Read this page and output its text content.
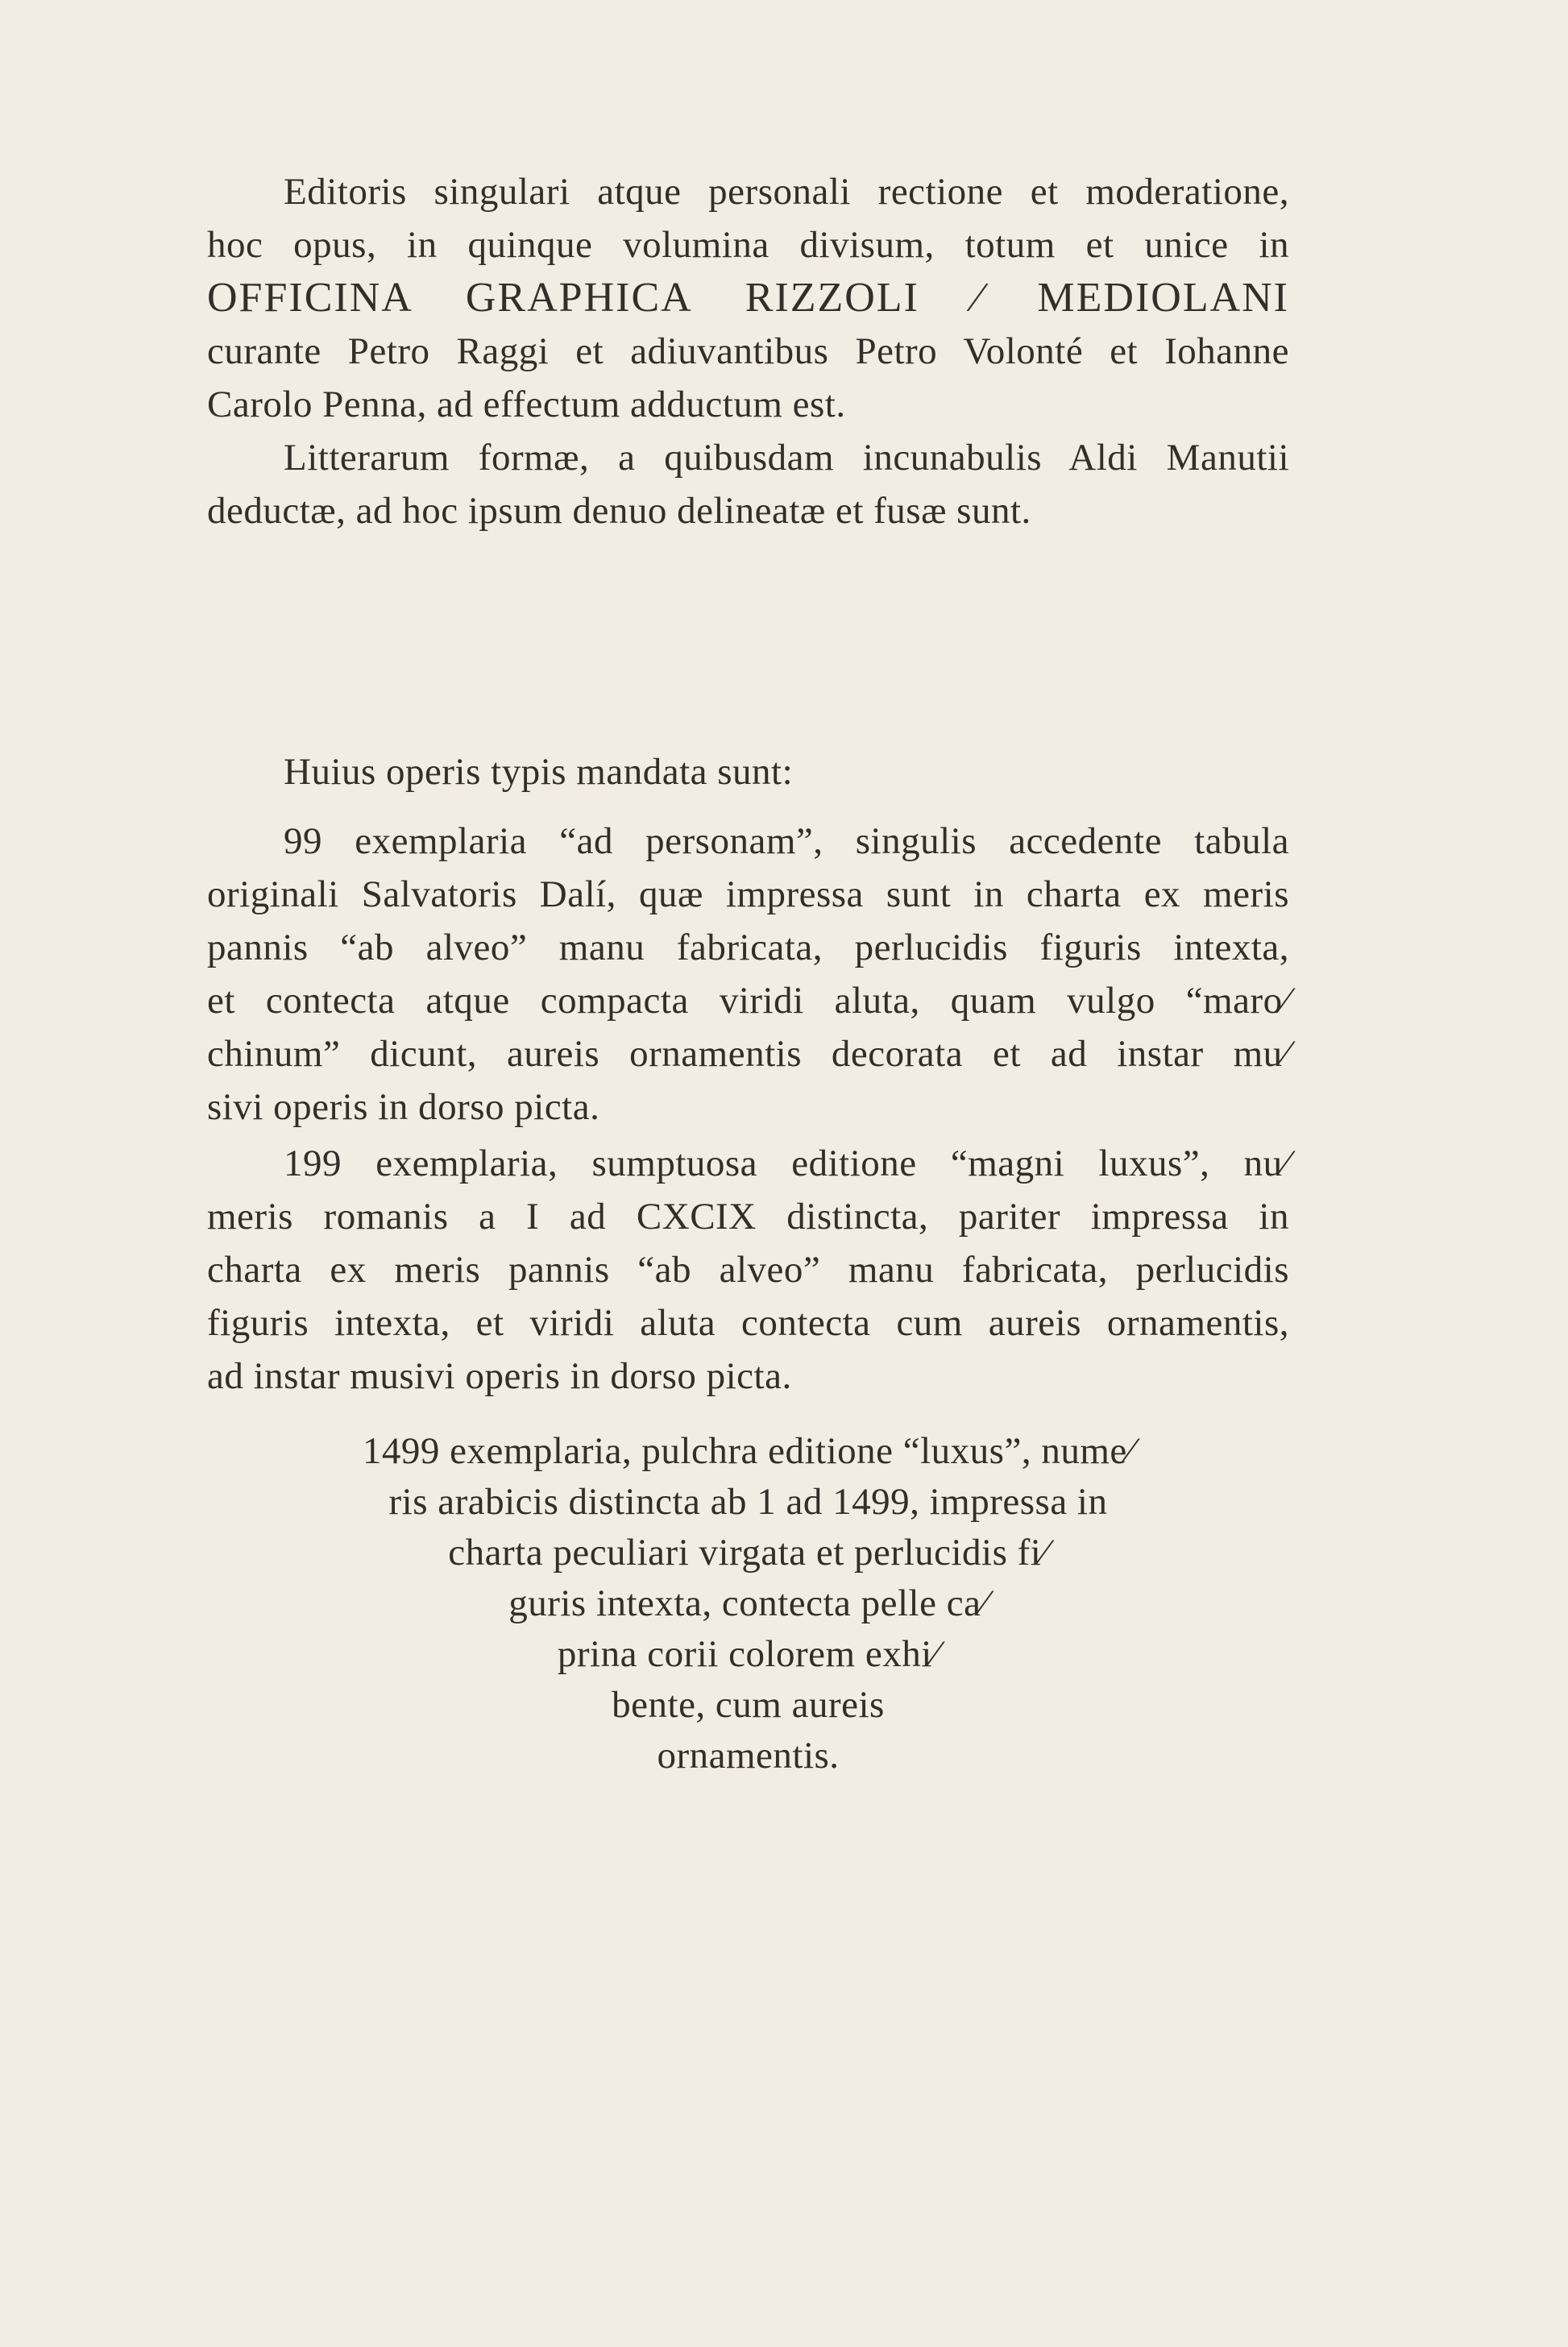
Editoris singulari atque personali rectione et moderatione,

hoc opus, in quinque volumina divisum, totum et unice in

OFFICINA GRAPHICA RIZZOLI ⁄ MEDIOLANI

curante Petro Raggi et adiuvantibus Petro Volonté et Iohanne

Carolo Penna, ad effectum adductum est.

Litterarum formæ, a quibusdam incunabulis Aldi Manutii

deductæ, ad hoc ipsum denuo delineatæ et fusæ sunt.

Huius operis typis mandata sunt:

99 exemplaria “ad personam”, singulis accedente tabula

originali Salvatoris Dalí, quæ impressa sunt in charta ex meris

pannis “ab alveo” manu fabricata, perlucidis figuris intexta,

et contecta atque compacta viridi aluta, quam vulgo “maro⁄

chinum” dicunt, aureis ornamentis decorata et ad instar mu⁄

sivi operis in dorso picta.

199 exemplaria, sumptuosa editione “magni luxus”, nu⁄

meris romanis a I ad CXCIX distincta, pariter impressa in

charta ex meris pannis “ab alveo” manu fabricata, perlucidis

figuris intexta, et viridi aluta contecta cum aureis ornamentis,

ad instar musivi operis in dorso picta.

1499 exemplaria, pulchra editione “luxus”, nume⁄

ris arabicis distincta ab 1 ad 1499, impressa in

charta peculiari virgata et perlucidis fi⁄

guris intexta, contecta pelle ca⁄

prina corii colorem exhi⁄

bente, cum aureis

ornamentis.
